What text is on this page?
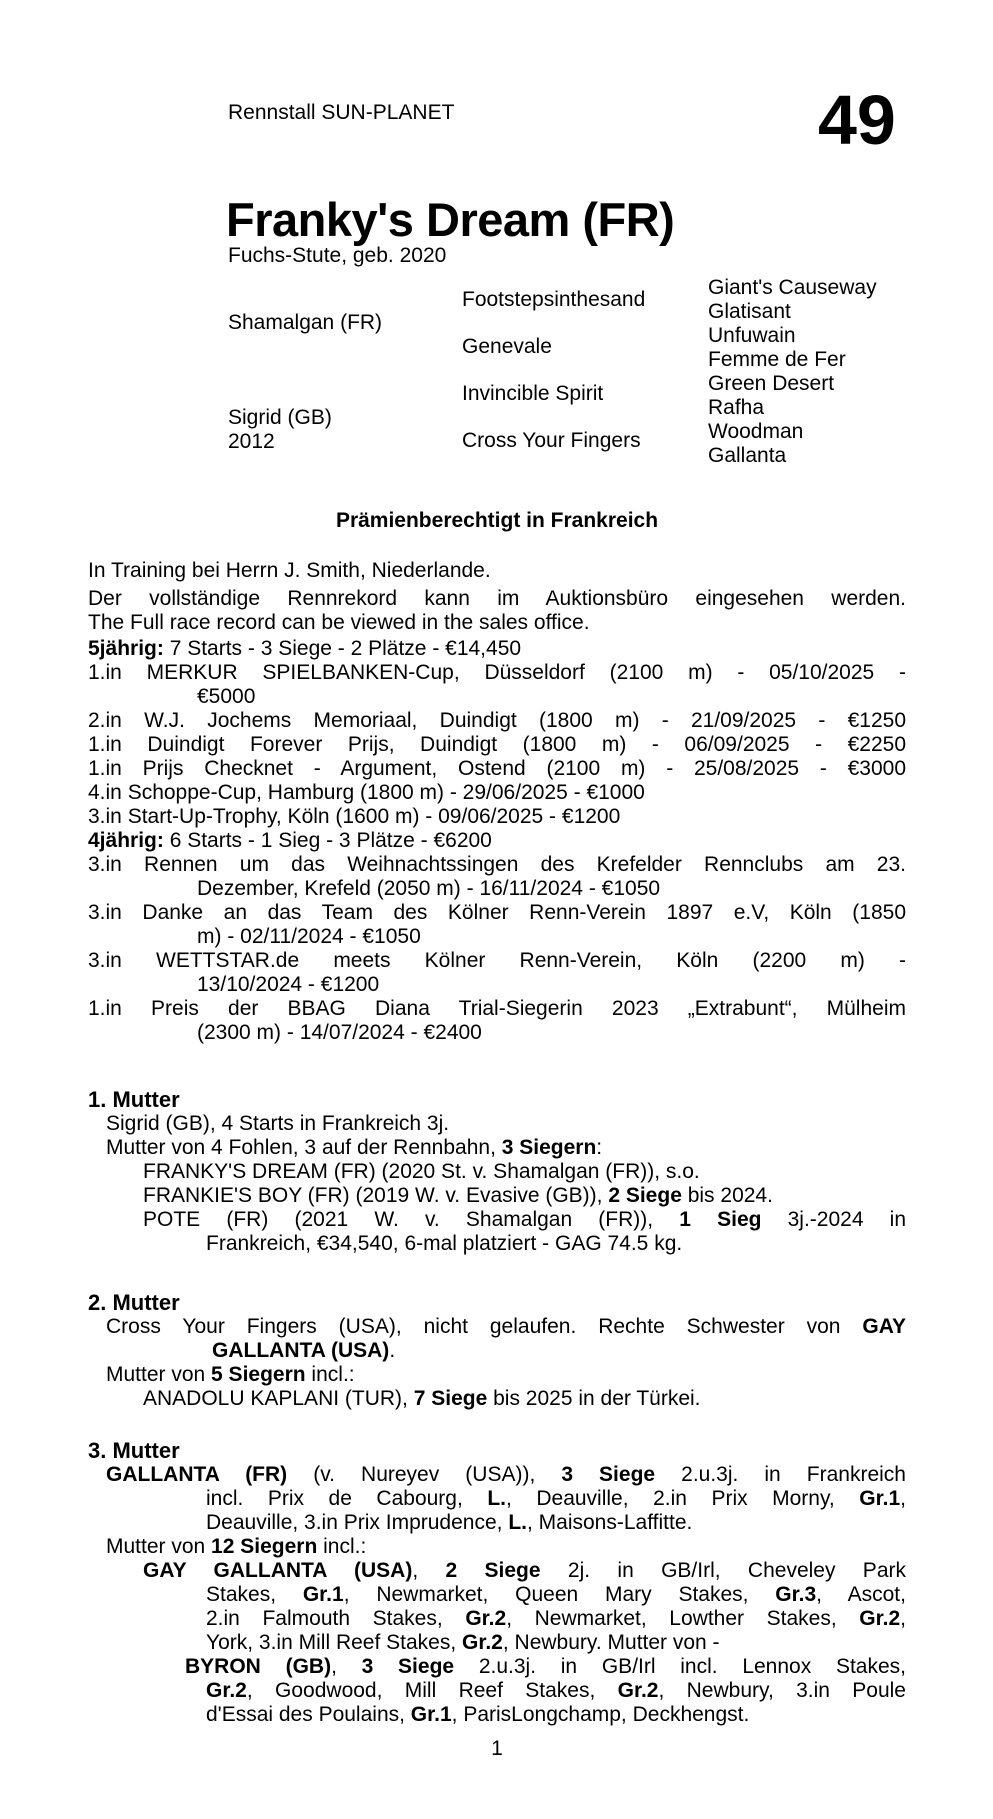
Rennstall SUN-PLANET	49
Franky's Dream (FR)
Fuchs-Stute, geb. 2020
Shamalgan (FR)
Sigrid (GB)
2012
Footstepsinthesand
Genevale
Invincible Spirit
Cross Your Fingers
Giant's Causeway
Glatisant
Unfuwain
Femme de Fer
Green Desert
Rafha
Woodman
Gallanta
Prämienberechtigt in Frankreich
In Training bei Herrn J. Smith, Niederlande.
Der vollständige Rennrekord kann im Auktionsbüro eingesehen werden.
The Full race record can be viewed in the sales office.
5jährig: 7 Starts - 3 Siege - 2 Plätze - €14,450
1.in MERKUR SPIELBANKEN-Cup, Düsseldorf (2100 m) - 05/10/2025 -
€5000
2.in W.J. Jochems Memoriaal, Duindigt (1800 m) - 21/09/2025 - €1250
1.in Duindigt Forever Prijs, Duindigt (1800 m) - 06/09/2025 - €2250
1.in Prijs Checknet - Argument, Ostend (2100 m) - 25/08/2025 - €3000
4.in Schoppe-Cup, Hamburg (1800 m) - 29/06/2025 - €1000
3.in Start-Up-Trophy, Köln (1600 m) - 09/06/2025 - €1200
4jährig: 6 Starts - 1 Sieg - 3 Plätze - €6200
3.in Rennen um das Weihnachtssingen des Krefelder Rennclubs am 23.
Dezember, Krefeld (2050 m) - 16/11/2024 - €1050
3.in Danke an das Team des Kölner Renn-Verein 1897 e.V, Köln (1850
m) - 02/11/2024 - €1050
3.in WETTSTAR.de meets Kölner Renn-Verein, Köln (2200 m) -
13/10/2024 - €1200
1.in Preis der BBAG Diana Trial-Siegerin 2023 „Extrabunt“, Mülheim
(2300 m) - 14/07/2024 - €2400
1. Mutter
Sigrid (GB), 4 Starts in Frankreich 3j.
Mutter von 4 Fohlen, 3 auf der Rennbahn, 3 Siegern:
FRANKY'S DREAM (FR) (2020 St. v. Shamalgan (FR)), s.o.
FRANKIE'S BOY (FR) (2019 W. v. Evasive (GB)), 2 Siege bis 2024.
POTE (FR) (2021 W. v. Shamalgan (FR)), 1 Sieg 3j.-2024 in
Frankreich, €34,540, 6-mal platziert - GAG 74.5 kg.
2. Mutter
Cross Your Fingers (USA), nicht gelaufen. Rechte Schwester von GAY
GALLANTA (USA).
Mutter von 5 Siegern incl.:
ANADOLU KAPLANI (TUR), 7 Siege bis 2025 in der Türkei.
3. Mutter
GALLANTA (FR) (v. Nureyev (USA)), 3 Siege 2.u.3j. in Frankreich
incl. Prix de Cabourg, L., Deauville, 2.in Prix Morny, Gr.1,
Deauville, 3.in Prix Imprudence, L., Maisons-Laffitte.
Mutter von 12 Siegern incl.:
GAY GALLANTA (USA), 2 Siege 2j. in GB/Irl, Cheveley Park
Stakes, Gr.1, Newmarket, Queen Mary Stakes, Gr.3, Ascot,
2.in Falmouth Stakes, Gr.2, Newmarket, Lowther Stakes, Gr.2,
York, 3.in Mill Reef Stakes, Gr.2, Newbury. Mutter von -
BYRON (GB), 3 Siege 2.u.3j. in GB/Irl incl. Lennox Stakes,
Gr.2, Goodwood, Mill Reef Stakes, Gr.2, Newbury, 3.in Poule
d'Essai des Poulains, Gr.1, ParisLongchamp, Deckhengst.
1
